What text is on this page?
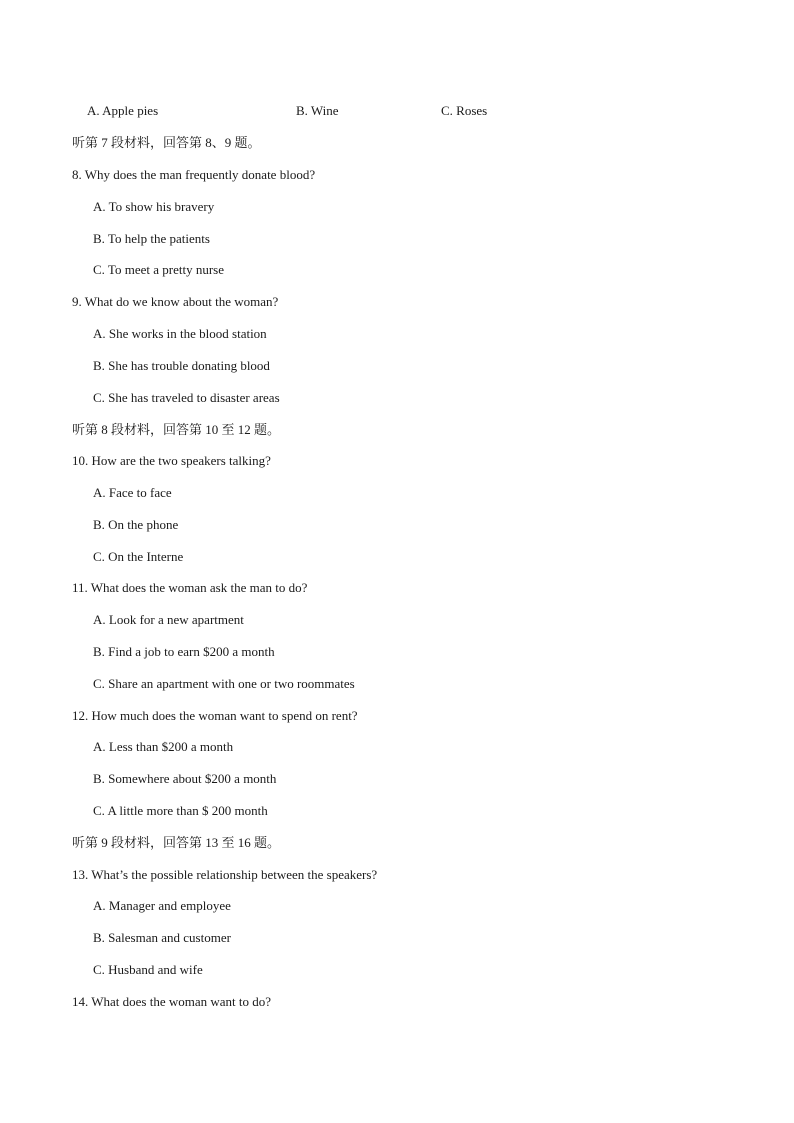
A. Apple pies	B. Wine	C. Roses
听第 7 段材料，回答第 8、9 题。
8. Why does the man frequently donate blood?
A. To show his bravery
B. To help the patients
C. To meet a pretty nurse
9. What do we know about the woman?
A. She works in the blood station
B. She has trouble donating blood
C. She has traveled to disaster areas
听第 8 段材料，回答第 10 至 12 题。
10. How are the two speakers talking?
A. Face to face
B. On the phone
C. On the Interne
11. What does the woman ask the man to do?
A. Look for a new apartment
B. Find a job to earn $200 a month
C. Share an apartment with one or two roommates
12. How much does the woman want to spend on rent?
A. Less than $200 a month
B. Somewhere about $200 a month
C. A little more than $ 200 month
听第 9 段材料，回答第 13 至 16 题。
13. What’s the possible relationship between the speakers?
A. Manager and employee
B. Salesman and customer
C. Husband and wife
14. What does the woman want to do?
